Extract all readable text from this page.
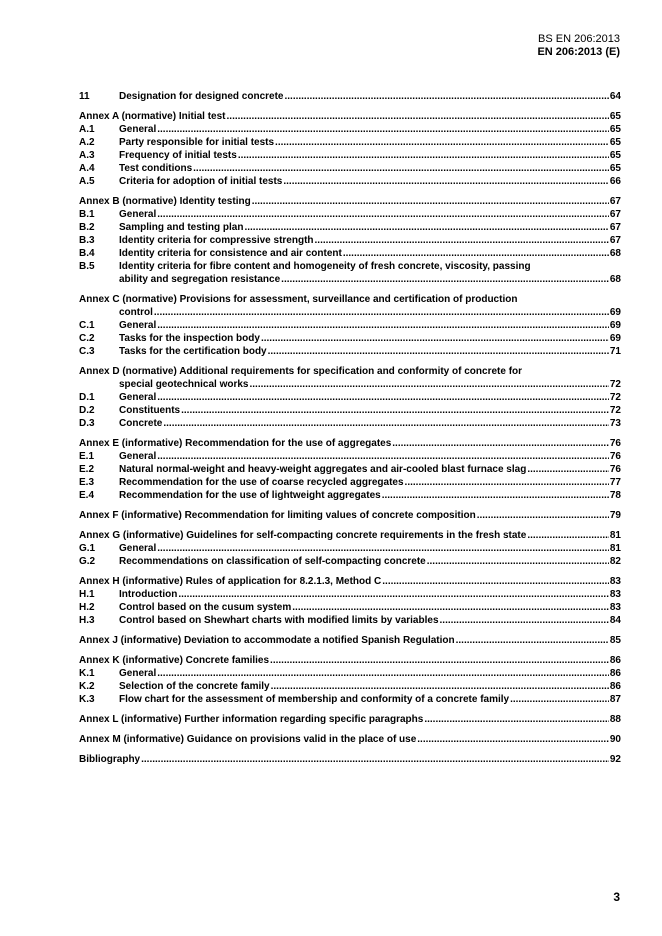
BS EN 206:2013
EN 206:2013 (E)
11	Designation for designed concrete .....	64
Annex A (normative) Initial test .....	65
A.1 General .....	65
A.2 Party responsible for initial tests .....	65
A.3 Frequency of initial tests .....	65
A.4 Test conditions .....	65
A.5 Criteria for adoption of initial tests .....	66
Annex B (normative) Identity testing .....	67
B.1 General .....	67
B.2 Sampling and testing plan .....	67
B.3 Identity criteria for compressive strength .....	67
B.4 Identity criteria for consistence and air content .....	68
B.5 Identity criteria for fibre content and homogeneity of fresh concrete, viscosity, passing
ability and segregation resistance .....	68
Annex C (normative) Provisions for assessment, surveillance and certification of production
control .....	69
C.1 General .....	69
C.2 Tasks for the inspection body .....	69
C.3 Tasks for the certification body .....	71
Annex D (normative) Additional requirements for specification and conformity of concrete for
special geotechnical works .....	72
D.1 General .....	72
D.2 Constituents .....	72
D.3 Concrete .....	73
Annex E (informative) Recommendation for the use of aggregates .....	76
E.1 General .....	76
E.2 Natural normal-weight and heavy-weight aggregates and air-cooled blast furnace slag .....	76
E.3 Recommendation for the use of coarse recycled aggregates .....	77
E.4 Recommendation for the use of lightweight aggregates .....	78
Annex F (informative) Recommendation for limiting values of concrete composition .....	79
Annex G (informative) Guidelines for self-compacting concrete requirements in the fresh state .....	81
G.1 General .....	81
G.2 Recommendations on classification of self-compacting concrete .....	82
Annex H (informative) Rules of application for 8.2.1.3, Method C .....	83
H.1 Introduction .....	83
H.2 Control based on the cusum system .....	83
H.3 Control based on Shewhart charts with modified limits by variables .....	84
Annex J (informative) Deviation to accommodate a notified Spanish Regulation .....	85
Annex K (informative) Concrete families .....	86
K.1 General .....	86
K.2 Selection of the concrete family .....	86
K.3 Flow chart for the assessment of membership and conformity of a concrete family .....	87
Annex L (informative) Further information regarding specific paragraphs .....	88
Annex M (informative) Guidance on provisions valid in the place of use .....	90
Bibliography .....	92
3
